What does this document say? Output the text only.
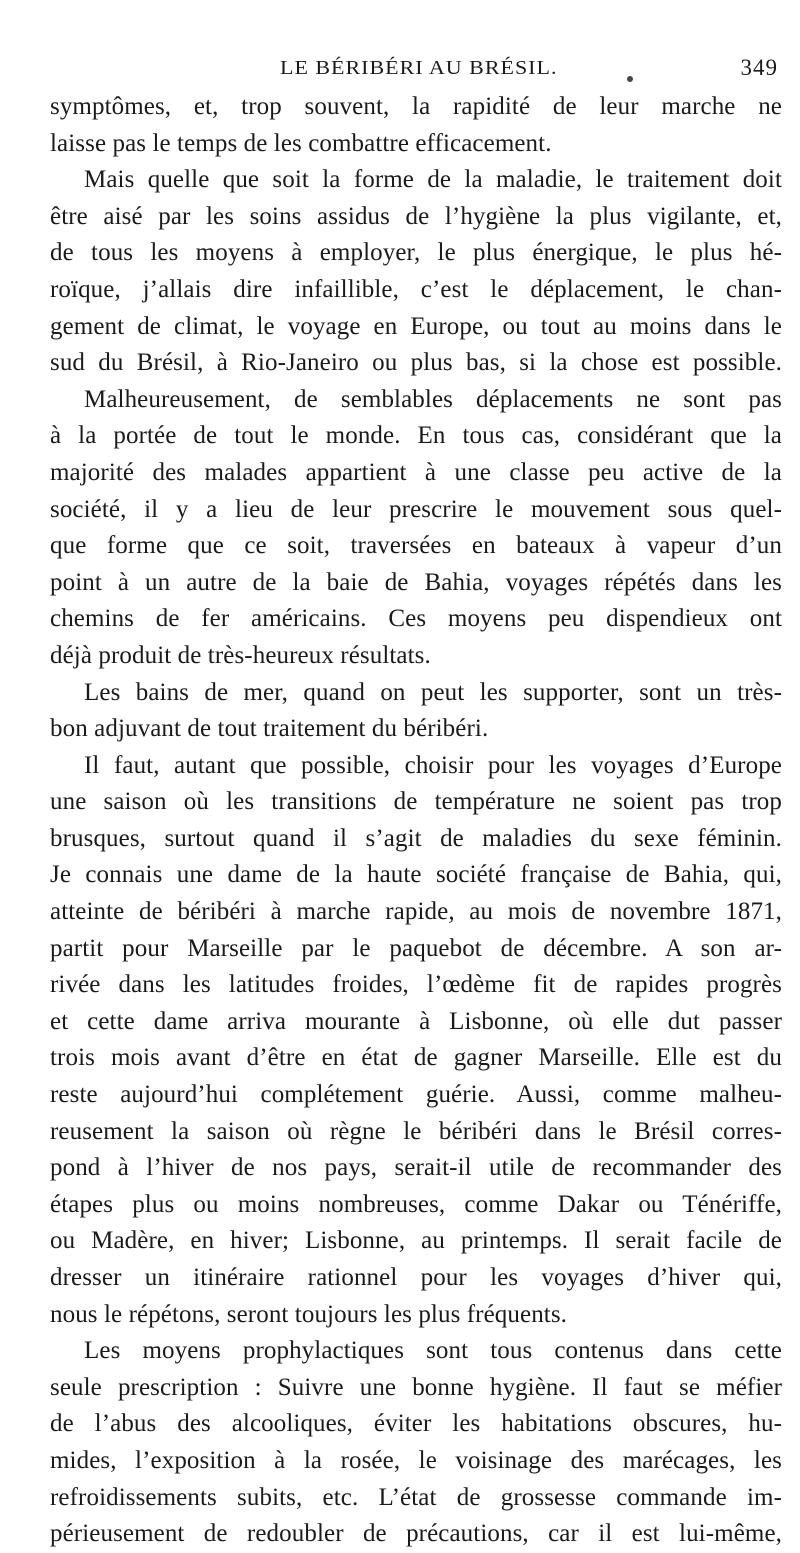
LE BÉRIBÉRI AU BRÉSIL.	349
symptômes, et, trop souvent, la rapidité de leur marche ne
laisse pas le temps de les combattre efficacement.
Mais quelle que soit la forme de la maladie, le traitement doit
être aisé par les soins assidus de l’hygiène la plus vigilante, et,
de tous les moyens à employer, le plus énergique, le plus hé-
roïque, j’allais dire infaillible, c’est le déplacement, le chan-
gement de climat, le voyage en Europe, ou tout au moins dans le
sud du Brésil, à Rio-Janeiro ou plus bas, si la chose est possible.
Malheureusement, de semblables déplacements ne sont pas
à la portée de tout le monde. En tous cas, considérant que la
majorité des malades appartient à une classe peu active de la
société, il y a lieu de leur prescrire le mouvement sous quel-
que forme que ce soit, traversées en bateaux à vapeur d’un
point à un autre de la baie de Bahia, voyages répétés dans les
chemins de fer américains. Ces moyens peu dispendieux ont
déjà produit de très-heureux résultats.
Les bains de mer, quand on peut les supporter, sont un très-
bon adjuvant de tout traitement du béribéri.
Il faut, autant que possible, choisir pour les voyages d’Europe
une saison où les transitions de température ne soient pas trop
brusques, surtout quand il s’agit de maladies du sexe féminin.
Je connais une dame de la haute société française de Bahia, qui,
atteinte de béribéri à marche rapide, au mois de novembre 1871,
partit pour Marseille par le paquebot de décembre. A son ar-
rivée dans les latitudes froides, l’œdème fit de rapides progrès
et cette dame arriva mourante à Lisbonne, où elle dut passer
trois mois avant d’être en état de gagner Marseille. Elle est du
reste aujourd’hui complétement guérie. Aussi, comme malheu-
reusement la saison où règne le béribéri dans le Brésil corres-
pond à l’hiver de nos pays, serait-il utile de recommander des
étapes plus ou moins nombreuses, comme Dakar ou Ténériffe,
ou Madère, en hiver; Lisbonne, au printemps. Il serait facile de
dresser un itinéraire rationnel pour les voyages d’hiver qui,
nous le répétons, seront toujours les plus fréquents.
Les moyens prophylactiques sont tous contenus dans cette
seule prescription : Suivre une bonne hygiène. Il faut se méfier
de l’abus des alcooliques, éviter les habitations obscures, hu-
mides, l’exposition à la rosée, le voisinage des marécages, les
refroidissements subits, etc. L’état de grossesse commande im-
périeusement de redoubler de précautions, car il est lui-même,
